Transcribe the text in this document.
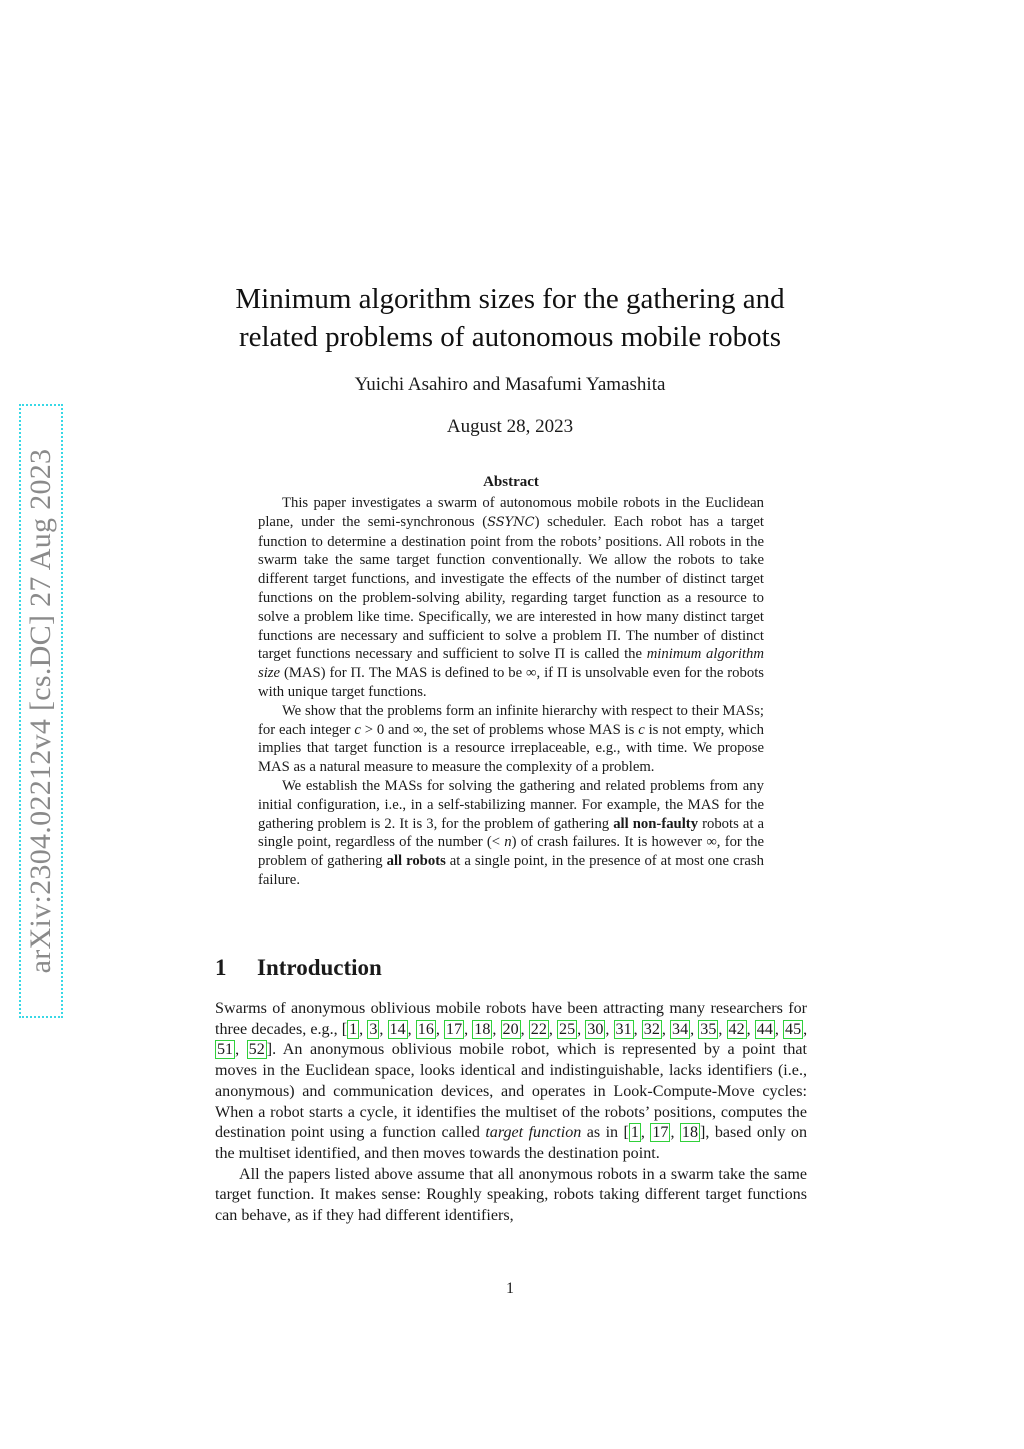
arXiv:2304.02212v4 [cs.DC] 27 Aug 2023
Minimum algorithm sizes for the gathering and
related problems of autonomous mobile robots
Yuichi Asahiro and Masafumi Yamashita
August 28, 2023
Abstract

This paper investigates a swarm of autonomous mobile robots in the Euclidean plane, under the semi-synchronous (SSYNC) scheduler. Each robot has a target function to determine a destination point from the robots’ positions. All robots in the swarm take the same target function conventionally. We allow the robots to take different target functions, and investigate the effects of the number of distinct target functions on the problem-solving ability, regarding target function as a resource to solve a problem like time. Specifically, we are interested in how many distinct target functions are necessary and sufficient to solve a problem Π. The number of distinct target functions necessary and sufficient to solve Π is called the minimum algorithm size (MAS) for Π. The MAS is defined to be ∞, if Π is unsolvable even for the robots with unique target functions.

We show that the problems form an infinite hierarchy with respect to their MASs; for each integer c > 0 and ∞, the set of problems whose MAS is c is not empty, which implies that target function is a resource irreplaceable, e.g., with time. We propose MAS as a natural measure to measure the complexity of a problem.

We establish the MASs for solving the gathering and related problems from any initial configuration, i.e., in a self-stabilizing manner. For example, the MAS for the gathering problem is 2. It is 3, for the problem of gathering all non-faulty robots at a single point, regardless of the number (< n) of crash failures. It is however ∞, for the problem of gathering all robots at a single point, in the presence of at most one crash failure.

1 Introduction

Swarms of anonymous oblivious mobile robots have been attracting many researchers for three decades, e.g., [ 1 , 3 , 14 , 16 , 17 , 18 , 20 , 22 , 25 , 30 , 31 , 32 , 34 , 35 , 42 , 44 , 45 , 51 , 52 ]. An anonymous oblivious mobile robot, which is represented by a point that moves in the Euclidean space, looks identical and indistinguishable, lacks identifiers (i.e., anonymous) and communication devices, and operates in Look-Compute-Move cycles: When a robot starts a cycle, it identifies the multiset of the robots’ positions, computes the destination point using a function called target function as in [ 1 , 17 , 18 ], based only on the multiset identified, and then moves towards the destination point.

All the papers listed above assume that all anonymous robots in a swarm take the same target function. It makes sense: Roughly speaking, robots taking different target functions can behave, as if they had different identifiers,

1
